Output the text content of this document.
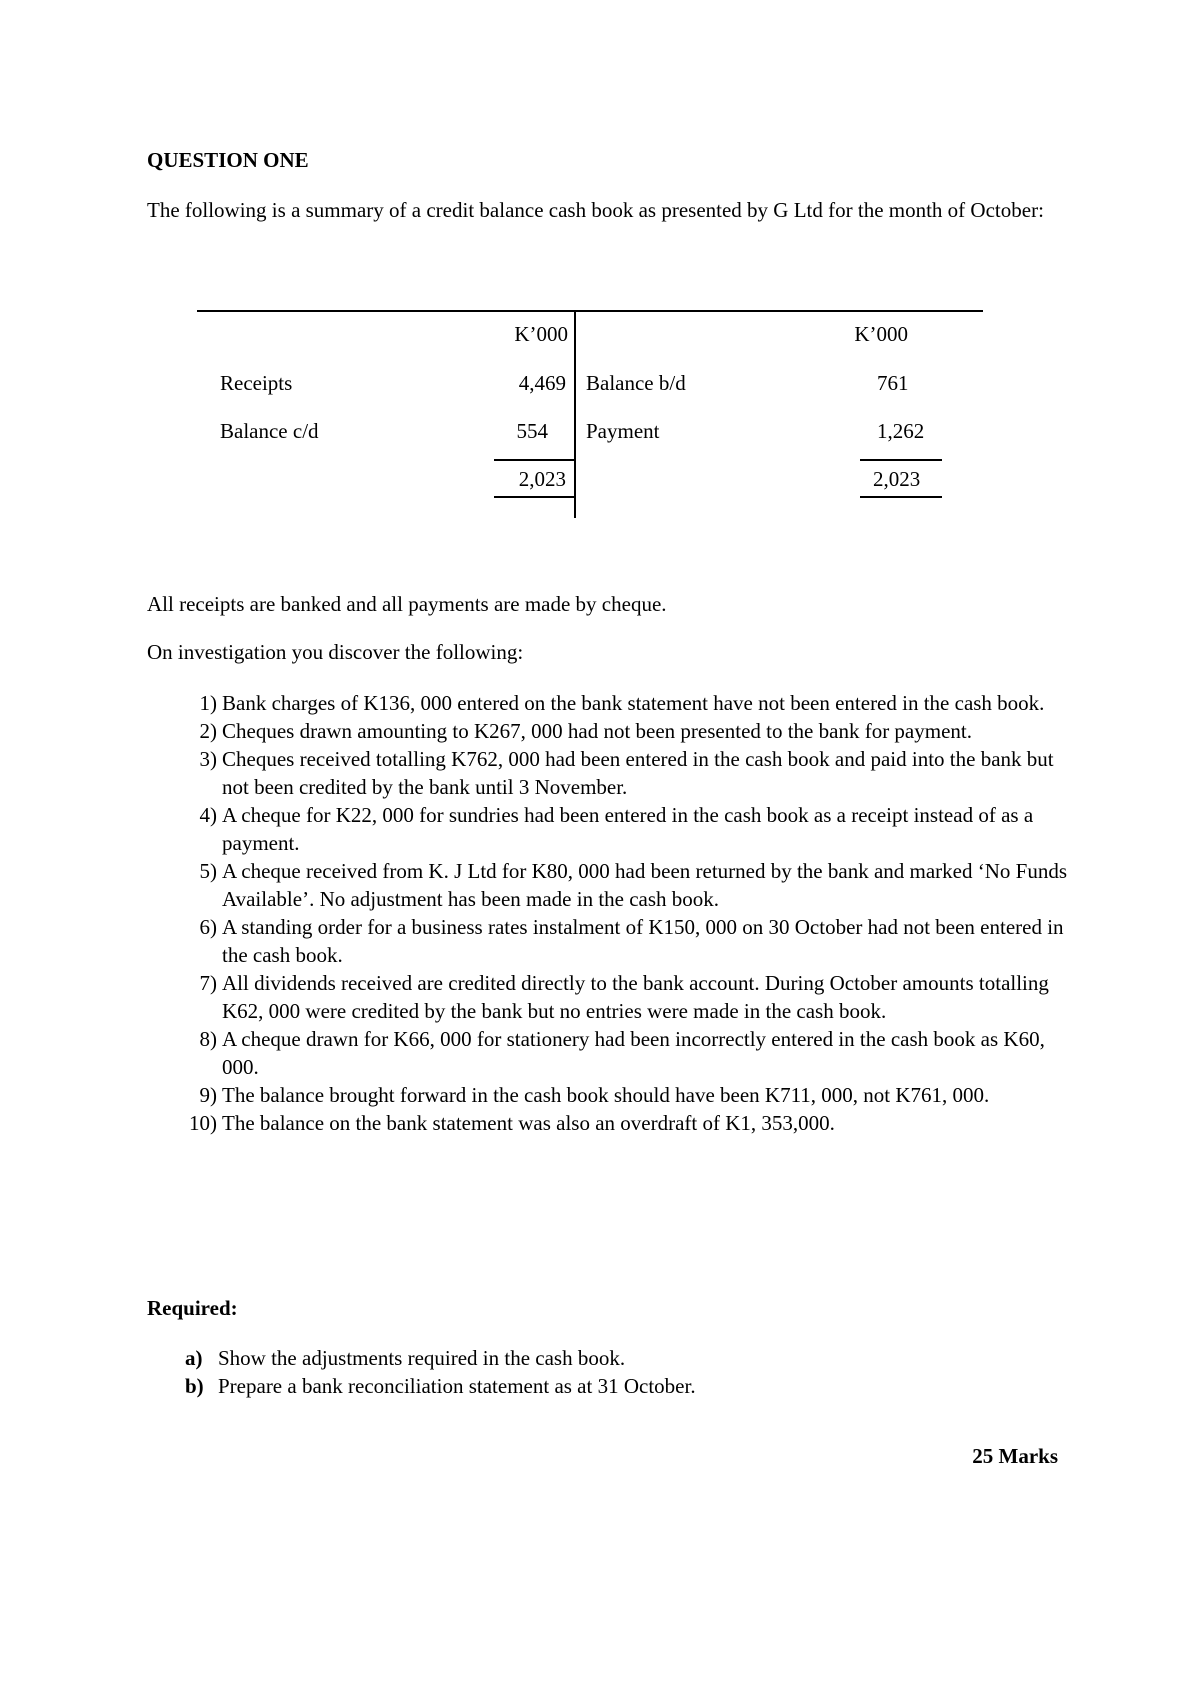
QUESTION ONE
The following is a summary of a credit balance cash book as presented by G Ltd for the month of October:
K’000	K’000
Receipts	4,469 Balance b/d	761
Balance c/d	554 Payment	1,262
2,023	2,023
All receipts are banked and all payments are made by cheque.
On investigation you discover the following:
1) Bank charges of K136, 000 entered on the bank statement have not been entered in the cash book.
2) Cheques drawn amounting to K267, 000 had not been presented to the bank for payment.
3) Cheques received totalling K762, 000 had been entered in the cash book and paid into the bank but not been credited by the bank until 3 November.
4) A cheque for K22, 000 for sundries had been entered in the cash book as a receipt instead of as a payment.
5) A cheque received from K. J Ltd for K80, 000 had been returned by the bank and marked ‘No Funds Available’. No adjustment has been made in the cash book.
6) A standing order for a business rates instalment of K150, 000 on 30 October had not been entered in the cash book.
7) All dividends received are credited directly to the bank account. During October amounts totalling K62, 000 were credited by the bank but no entries were made in the cash book.
8) A cheque drawn for K66, 000 for stationery had been incorrectly entered in the cash book as K60, 000.
9) The balance brought forward in the cash book should have been K711, 000, not K761, 000.
10) The balance on the bank statement was also an overdraft of K1, 353,000.
Required:
a) Show the adjustments required in the cash book.
b) Prepare a bank reconciliation statement as at 31 October.
25 Marks
